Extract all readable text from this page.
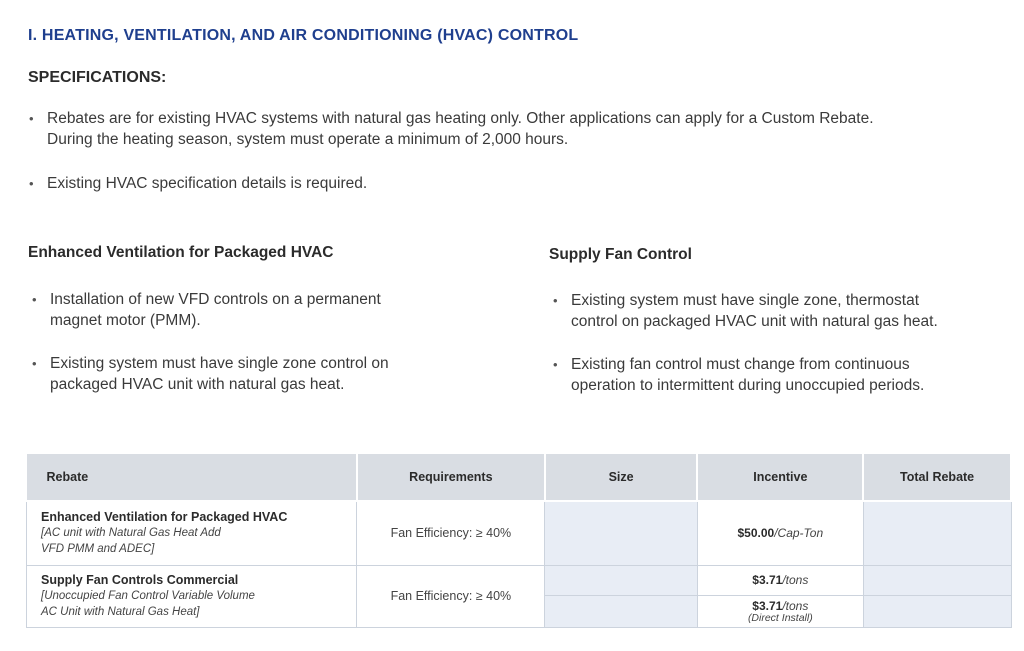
I. HEATING, VENTILATION, AND AIR CONDITIONING (HVAC) CONTROL
SPECIFICATIONS:
• Rebates are for existing HVAC systems with natural gas heating only. Other applications can apply for a Custom Rebate.
During the heating season, system must operate a minimum of 2,000 hours.
• Existing HVAC specification details is required.
Enhanced Ventilation for Packaged HVAC
• Installation of new VFD controls on a permanent
magnet motor (PMM).
• Existing system must have single zone control on
packaged HVAC unit with natural gas heat.
Supply Fan Control
• Existing system must have single zone, thermostat
control on packaged HVAC unit with natural gas heat.
• Existing fan control must change from continuous
operation to intermittent during unoccupied periods.
Rebate	Requirements	Size	Incentive	Total Rebate

Enhanced Ventilation for Packaged HVAC
[AC unit with Natural Gas Heat Add
VFD PMM and ADEC]	Fan Efficiency: ≥ 40%		$50.00/Cap-Ton	

Supply Fan Controls Commercial
[Unoccupied Fan Control Variable Volume
AC Unit with Natural Gas Heat]	Fan Efficiency: ≥ 40%		$3.71/tons	
			$3.71/tons
(Direct Install)	
